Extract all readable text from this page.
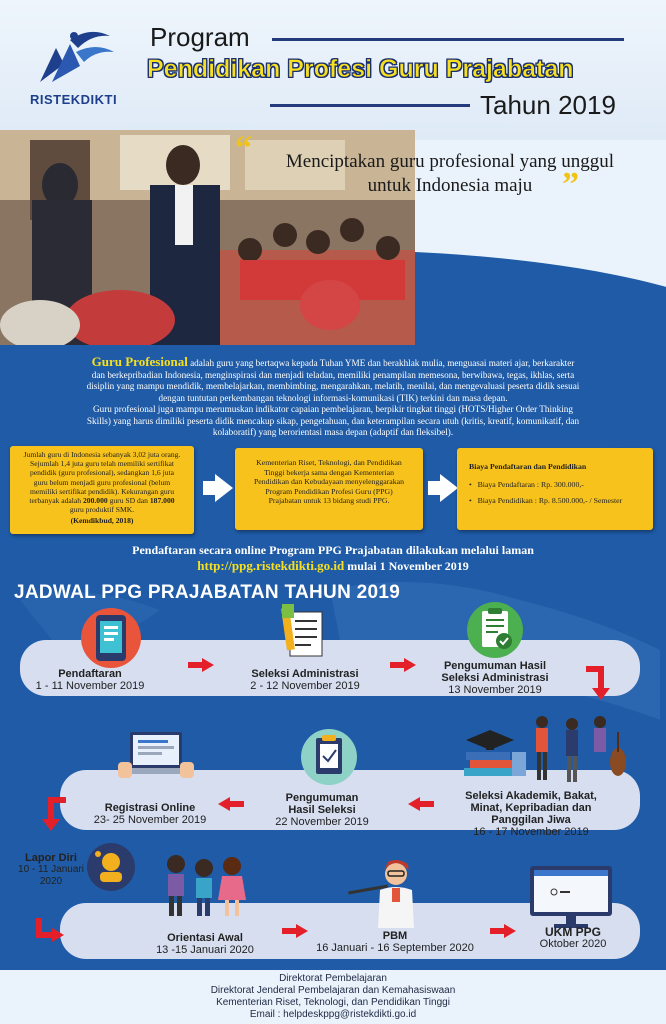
RISTEKDIKTI
Program
Pendidikan Profesi Guru Prajabatan
Tahun 2019
“	Menciptakan guru profesional yang unggul
untuk Indonesia maju ”
Guru Profesional adalah guru yang bertaqwa kepada Tuhan YME dan berakhlak mulia, menguasai materi ajar, berkarakter
dan berkepribadian Indonesia, menginspirasi dan menjadi teladan, memiliki penampilan memesona, berwibawa, tegas, ikhlas, serta
disiplin yang mampu mendidik, membelajarkan, membimbing, mengarahkan, melatih, menilai, dan mengevaluasi peserta didik sesuai
dengan tuntutan perkembangan teknologi informasi-komunikasi (TIK) terkini dan masa depan.
Guru profesional juga mampu merumuskan indikator capaian pembelajaran, berpikir tingkat tinggi (HOTS/Higher Order Thinking
Skills) yang harus dimiliki peserta didik mencakup sikap, pengetahuan, dan keterampilan secara utuh (kritis, kreatif, komunikatif, dan
kolaboratif) yang berorientasi masa depan (adaptif dan fleksibel).
Jumlah guru di Indonesia sebanyak 3,02 juta orang.
Sejumlah 1,4 juta guru telah memiliki sertifikat
pendidik (guru profesional), sedangkan 1,6 juta
guru belum menjadi guru profesional (belum
memiliki sertifikat pendidik). Kekurangan guru
terbanyak adalah 200.000 guru SD dan 187.000
guru produktif SMK.
(Kemdikbud, 2018)
Kementerian Riset, Teknologi, dan Pendidikan
Tinggi bekerja sama dengan Kementerian
Pendidikan dan Kebudayaan menyelenggarakan
Program Pendidikan Profesi Guru (PPG)
Prajabatan untuk 13 bidang studi PPG.
Biaya Pendaftaran dan Pendidikan
•   Biaya Pendaftaran : Rp. 300.000,-
•   Biaya Pendidikan : Rp. 8.500.000,- / Semester
Pendaftaran secara online Program PPG Prajabatan dilakukan melalui laman
http://ppg.ristekdikti.go.id mulai 1 November 2019
JADWAL PPG PRAJABATAN TAHUN 2019
Pendaftaran
1 - 11 November 2019
Seleksi Administrasi
2 - 12 November 2019
Pengumuman Hasil Seleksi Administrasi
13 November 2019
Seleksi Akademik, Bakat, Minat, Kepribadian dan Panggilan Jiwa
16 - 17 November 2019
Pengumuman Hasil Seleksi
22 November 2019
Registrasi Online
23- 25 November 2019
Lapor Diri
10 - 11 Januari 2020
Orientasi Awal
13 -15 Januari 2020
PBM
16 Januari - 16 September 2020
UKM PPG
Oktober 2020
Direktorat Pembelajaran
Direktorat Jenderal Pembelajaran dan Kemahasiswaan
Kementerian Riset, Teknologi, dan Pendidikan Tinggi
Email : helpdeskppg@ristekdikti.go.id
